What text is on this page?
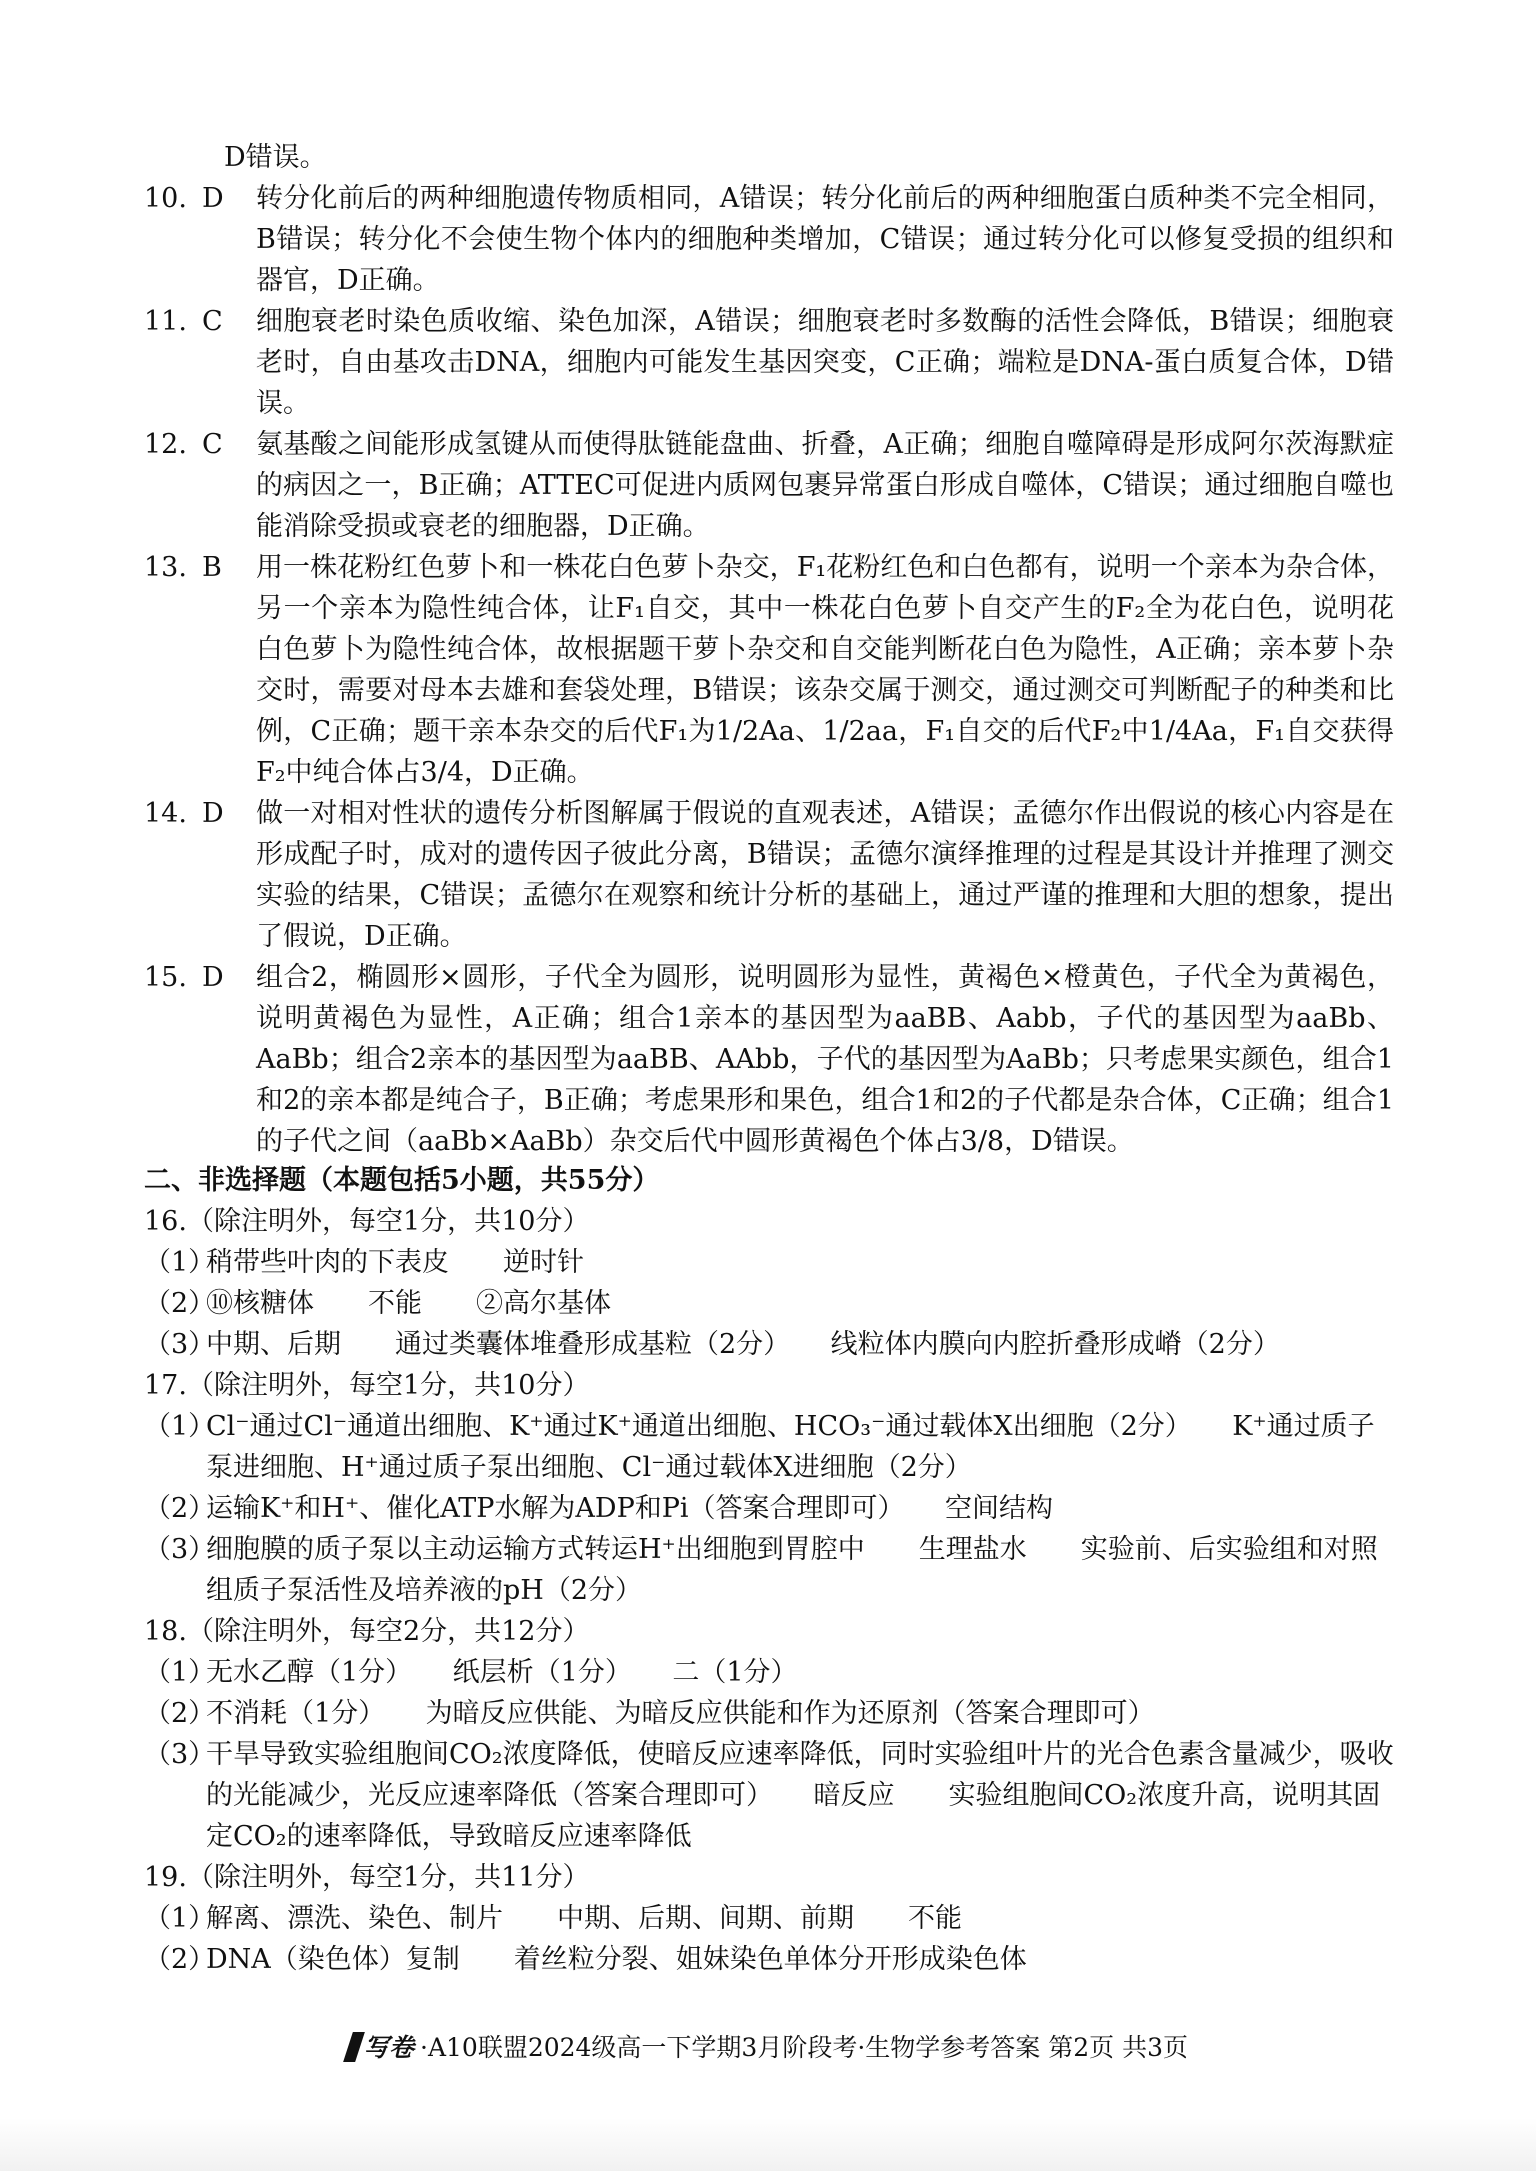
D错误。

10. D	转分化前后的两种细胞遗传物质相同，A错误；转分化前后的两种细胞蛋白质种类不完全相同，B错误；转分化不会使生物个体内的细胞种类增加，C错误；通过转分化可以修复受损的组织和器官，D正确。
11. C	细胞衰老时染色质收缩、染色加深，A错误；细胞衰老时多数酶的活性会降低，B错误；细胞衰老时，自由基攻击DNA，细胞内可能发生基因突变，C正确；端粒是DNA-蛋白质复合体，D错误。
12. C	氨基酸之间能形成氢键从而使得肽链能盘曲、折叠，A正确；细胞自噬障碍是形成阿尔茨海默症的病因之一，B正确；ATTEC可促进内质网包裹异常蛋白形成自噬体，C错误；通过细胞自噬也能消除受损或衰老的细胞器，D正确。
13. B	用一株花粉红色萝卜和一株花白色萝卜杂交，F₁花粉红色和白色都有，说明一个亲本为杂合体，另一个亲本为隐性纯合体，让F₁自交，其中一株花白色萝卜自交产生的F₂全为花白色，说明花白色萝卜为隐性纯合体，故根据题干萝卜杂交和自交能判断花白色为隐性，A正确；亲本萝卜杂交时，需要对母本去雄和套袋处理，B错误；该杂交属于测交，通过测交可判断配子的种类和比例，C正确；题干亲本杂交的后代F₁为1/2Aa、1/2aa，F₁自交的后代F₂中1/4Aa，F₁自交获得F₂中纯合体占3/4，D正确。
14. D	做一对相对性状的遗传分析图解属于假说的直观表述，A错误；孟德尔作出假说的核心内容是在形成配子时，成对的遗传因子彼此分离，B错误；孟德尔演绎推理的过程是其设计并推理了测交实验的结果，C错误；孟德尔在观察和统计分析的基础上，通过严谨的推理和大胆的想象，提出了假说，D正确。
15. D	组合2，椭圆形×圆形，子代全为圆形，说明圆形为显性，黄褐色×橙黄色，子代全为黄褐色，说明黄褐色为显性，A正确；组合1亲本的基因型为aaBB、Aabb，子代的基因型为aaBb、AaBb；组合2亲本的基因型为aaBB、AAbb，子代的基因型为AaBb；只考虑果实颜色，组合1和2的亲本都是纯合子，B正确；考虑果形和果色，组合1和2的子代都是杂合体，C正确；组合1的子代之间（aaBb×AaBb）杂交后代中圆形黄褐色个体占3/8，D错误。

二、非选择题（本题包括5小题，共55分）

16.（除注明外，每空1分，共10分）

（1）
稍带些叶肉的下表皮　　逆时针

（2）
⑩核糖体　　不能　　②高尔基体

（3）
中期、后期　　通过类囊体堆叠形成基粒（2分）　　线粒体内膜向内腔折叠形成嵴（2分）

17.（除注明外，每空1分，共10分）

（1）
Cl⁻通过Cl⁻通道出细胞、K⁺通过K⁺通道出细胞、HCO₃⁻通过载体X出细胞（2分）　　K⁺通过质子泵进细胞、H⁺通过质子泵出细胞、Cl⁻通过载体X进细胞（2分）

（2）
运输K⁺和H⁺、催化ATP水解为ADP和Pi（答案合理即可）　　空间结构

（3）
细胞膜的质子泵以主动运输方式转运H⁺出细胞到胃腔中　　生理盐水　　实验前、后实验组和对照组质子泵活性及培养液的pH（2分）

18.（除注明外，每空2分，共12分）

（1）
无水乙醇（1分）　　纸层析（1分）　　二（1分）

（2）
不消耗（1分）　　为暗反应供能、为暗反应供能和作为还原剂（答案合理即可）

（3）
干旱导致实验组胞间CO₂浓度降低，使暗反应速率降低，同时实验组叶片的光合色素含量减少，吸收的光能减少，光反应速率降低（答案合理即可）　　暗反应　　实验组胞间CO₂浓度升高，说明其固定CO₂的速率降低，导致暗反应速率降低

19.（除注明外，每空1分，共11分）

（1）
解离、漂洗、染色、制片　　中期、后期、间期、前期　　不能

（2）
DNA（染色体）复制　　着丝粒分裂、姐妹染色单体分开形成染色体

写卷 ·A10联盟2024级高一下学期3月阶段考·生物学参考答案 第2页 共3页
